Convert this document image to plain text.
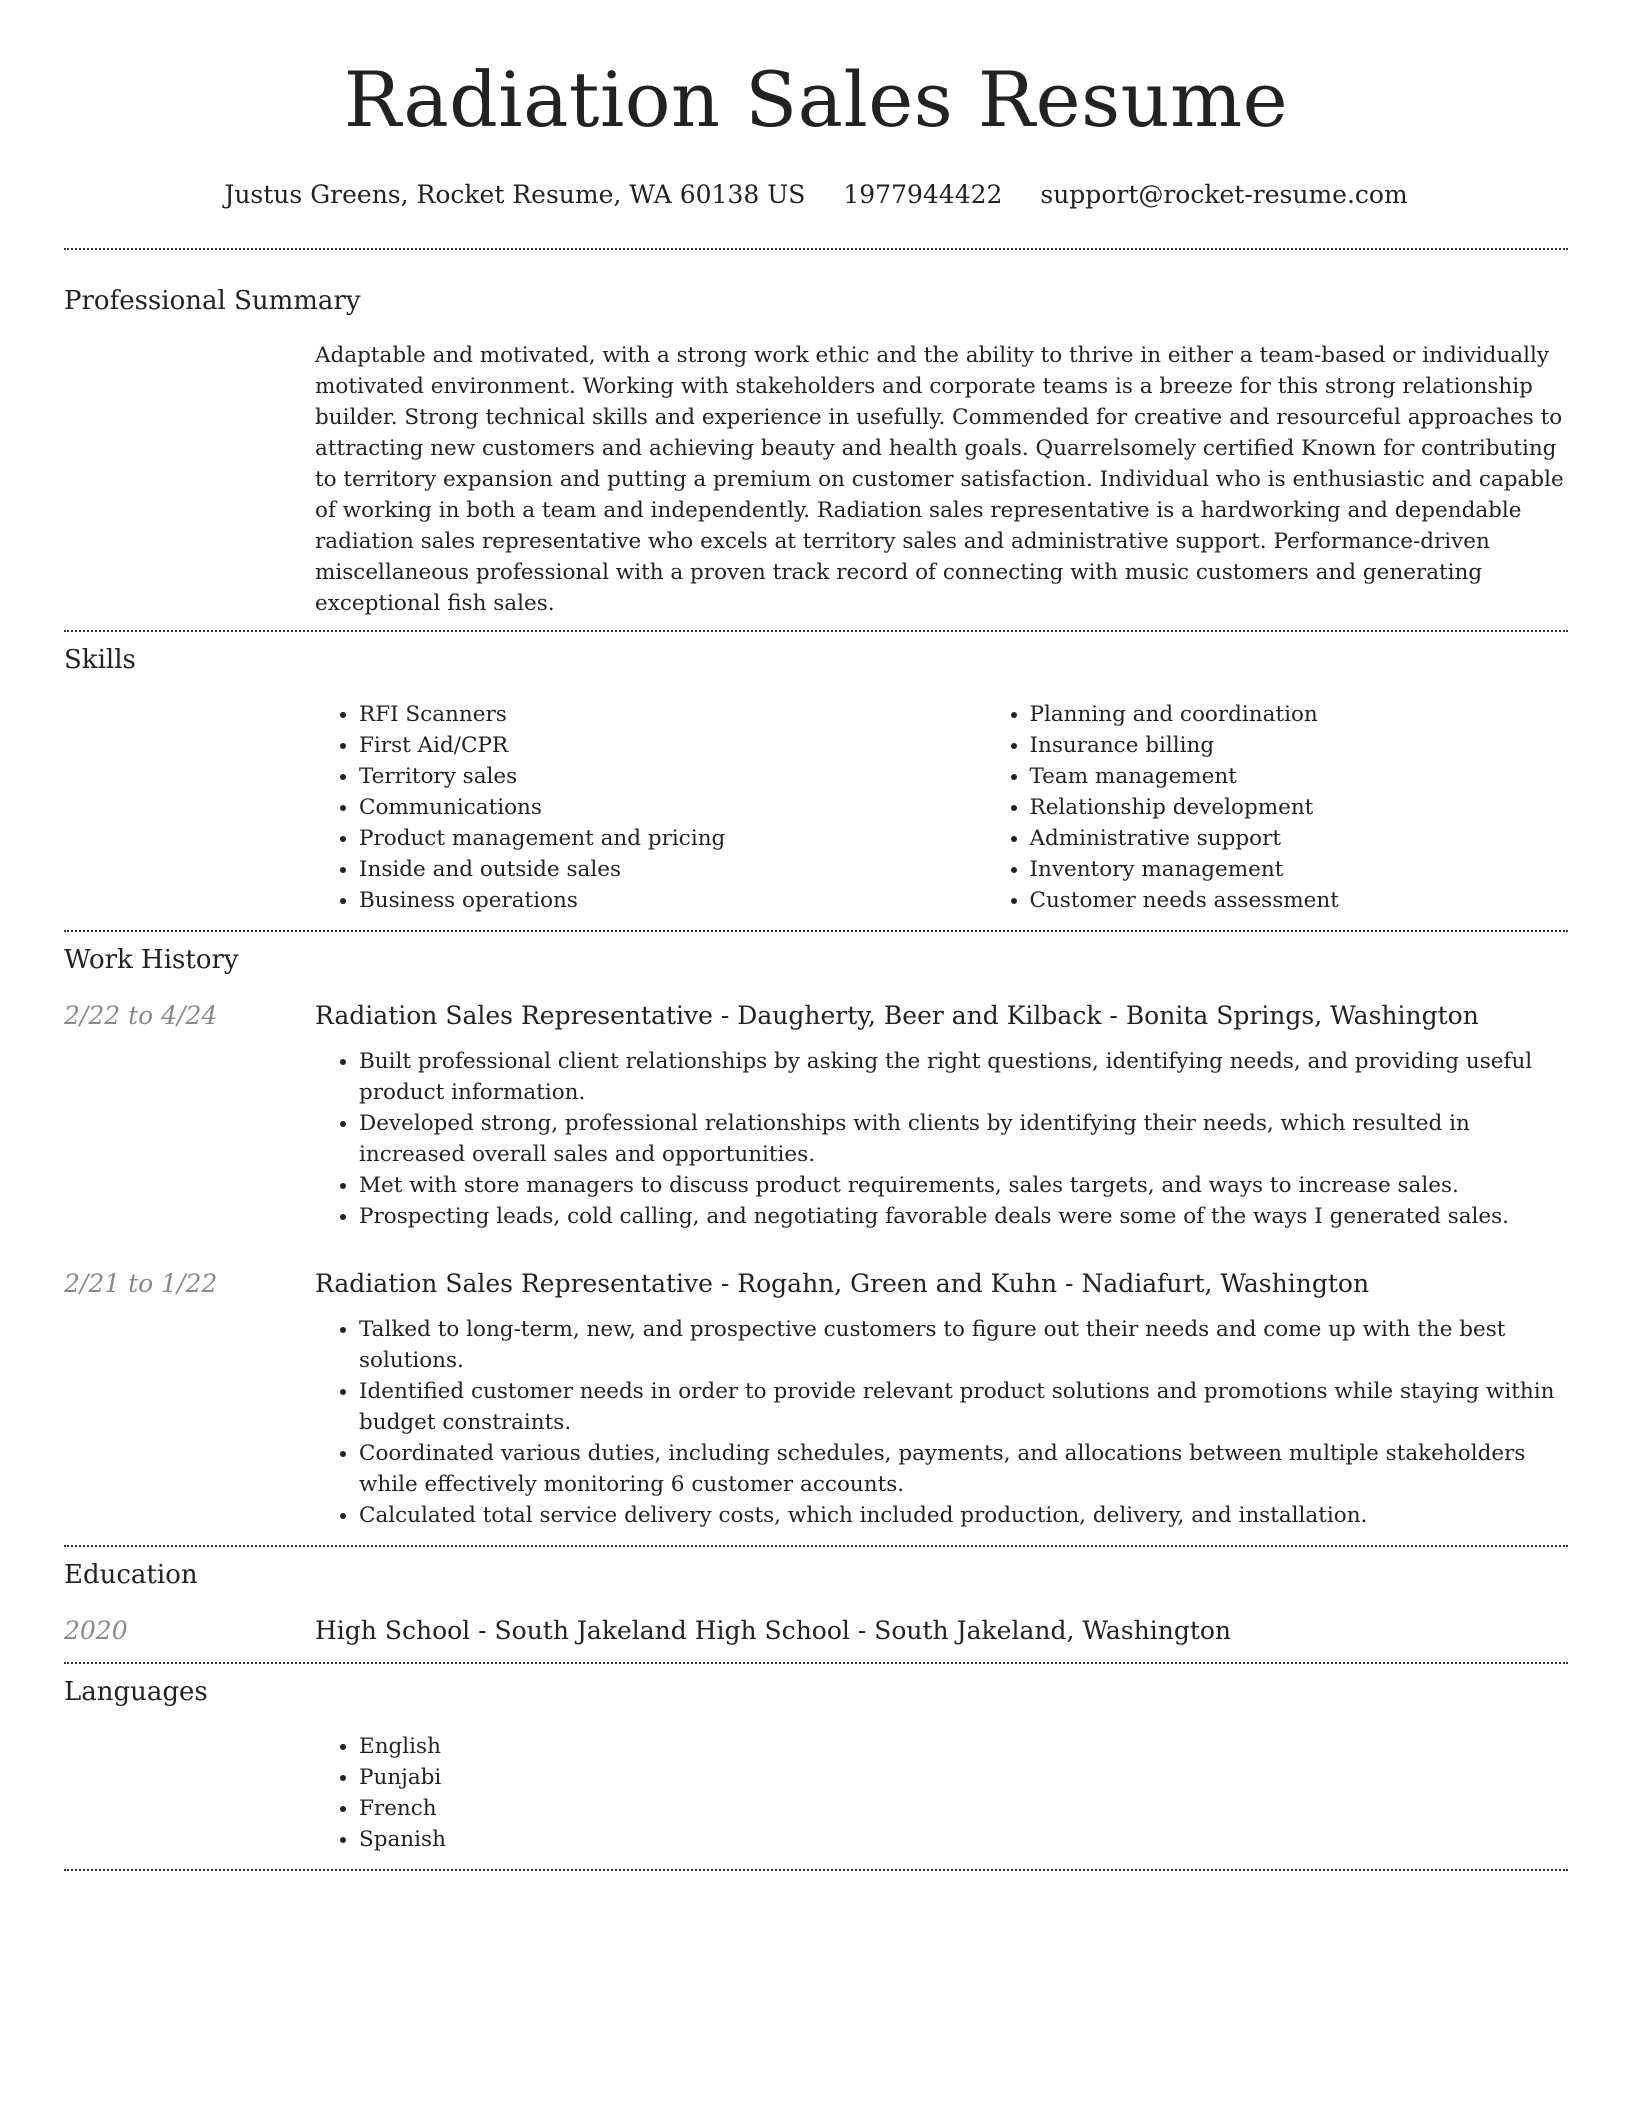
Radiation Sales Resume
Justus Greens, Rocket Resume, WA 60138 US 1977944422 support@rocket-resume.com
Professional Summary

Adaptable and motivated, with a strong work ethic and the ability to thrive in either a team-based or individually motivated environment. Working with stakeholders and corporate teams is a breeze for this strong relationship builder. Strong technical skills and experience in usefully. Commended for creative and resourceful approaches to attracting new customers and achieving beauty and health goals. Quarrelsomely certified Known for contributing to territory expansion and putting a premium on customer satisfaction. Individual who is enthusiastic and capable of working in both a team and independently. Radiation sales representative is a hardworking and dependable radiation sales representative who excels at territory sales and administrative support. Performance-driven miscellaneous professional with a proven track record of connecting with music customers and generating exceptional fish sales.

Skills
• RFI Scanners
• First Aid/CPR
• Territory sales
• Communications
• Product management and pricing
• Inside and outside sales
• Business operations
• Planning and coordination
• Insurance billing
• Team management
• Relationship development
• Administrative support
• Inventory management
• Customer needs assessment
Work History
2/22 to 4/24	Radiation Sales Representative - Daugherty, Beer and Kilback - Bonita Springs, Washington
• Built professional client relationships by asking the right questions, identifying needs, and providing useful product information.
• Developed strong, professional relationships with clients by identifying their needs, which resulted in increased overall sales and opportunities.
• Met with store managers to discuss product requirements, sales targets, and ways to increase sales.
• Prospecting leads, cold calling, and negotiating favorable deals were some of the ways I generated sales.
2/21 to 1/22	Radiation Sales Representative - Rogahn, Green and Kuhn - Nadiafurt, Washington
• Talked to long-term, new, and prospective customers to figure out their needs and come up with the best solutions.
• Identified customer needs in order to provide relevant product solutions and promotions while staying within budget constraints.
• Coordinated various duties, including schedules, payments, and allocations between multiple stakeholders while effectively monitoring 6 customer accounts.
• Calculated total service delivery costs, which included production, delivery, and installation.
Education
2020	High School - South Jakeland High School - South Jakeland, Washington
Languages
• English
• Punjabi
• French
• Spanish
